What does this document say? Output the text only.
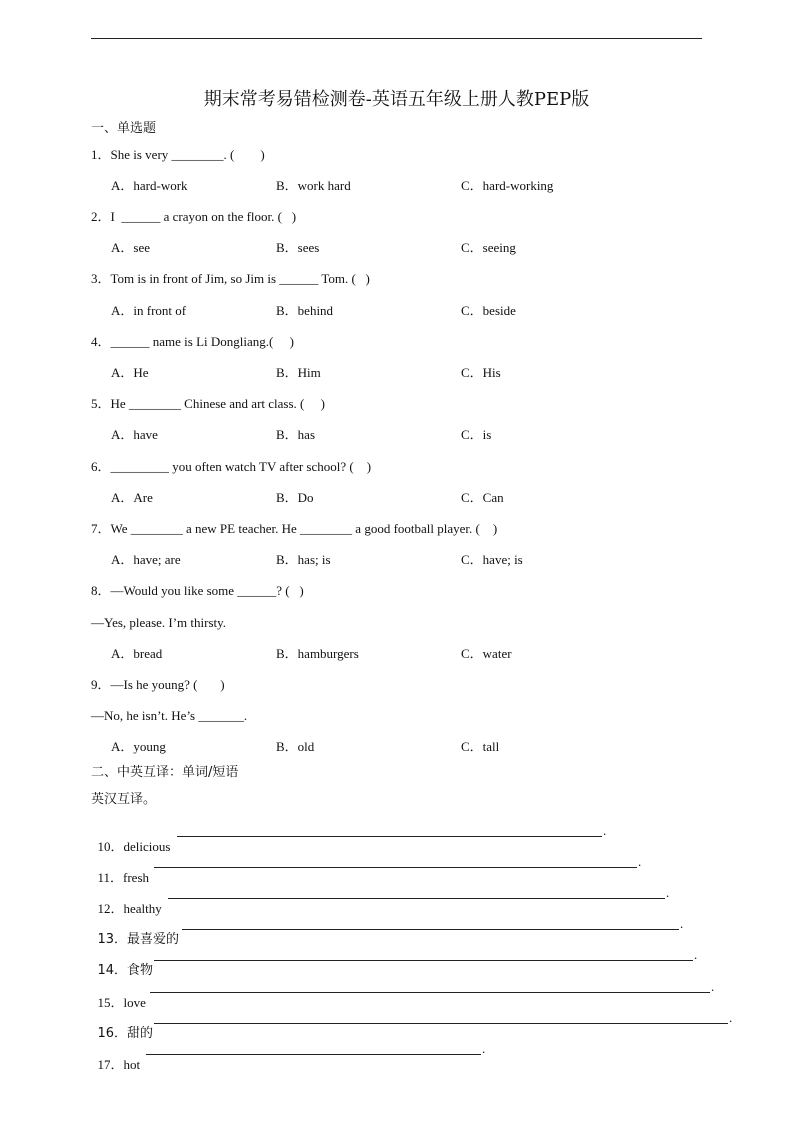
期末常考易错检测卷-英语五年级上册人教PEP版
一、单选题
1．She is very ________. (　　)
A．hard-work	B．work hard	C．hard-working
2．I  ______ a crayon on the floor. (   )
A．see	B．sees	C．seeing
3．Tom is in front of Jim, so Jim is ______ Tom. (   )
A．in front of	B．behind	C．beside
4．______ name is Li Dongliang.(     )
A．He	B．Him	C．His
5．He ________ Chinese and art class. (     )
A．have	B．has	C．is
6．_________ you often watch TV after school? (    )
A．Are	B．Do	C．Can
7．We ________ a new PE teacher. He ________ a good football player. (    )
A．have; are	B．has; is	C．have; is
8．—Would you like some ______? (   )
—Yes, please. I’m thirsty.
A．bread	B．hamburgers	C．water
9．—Is he young? (       )
—No, he isn’t. He’s _______.
A．young	B．old	C．tall
二、中英互译：单词/短语
英汉互译。

10．delicious

.

11．fresh

.

12．healthy

.

13．最喜爱的

.

14．食物

.

15．love

.

16．甜的

.

17．hot

.
